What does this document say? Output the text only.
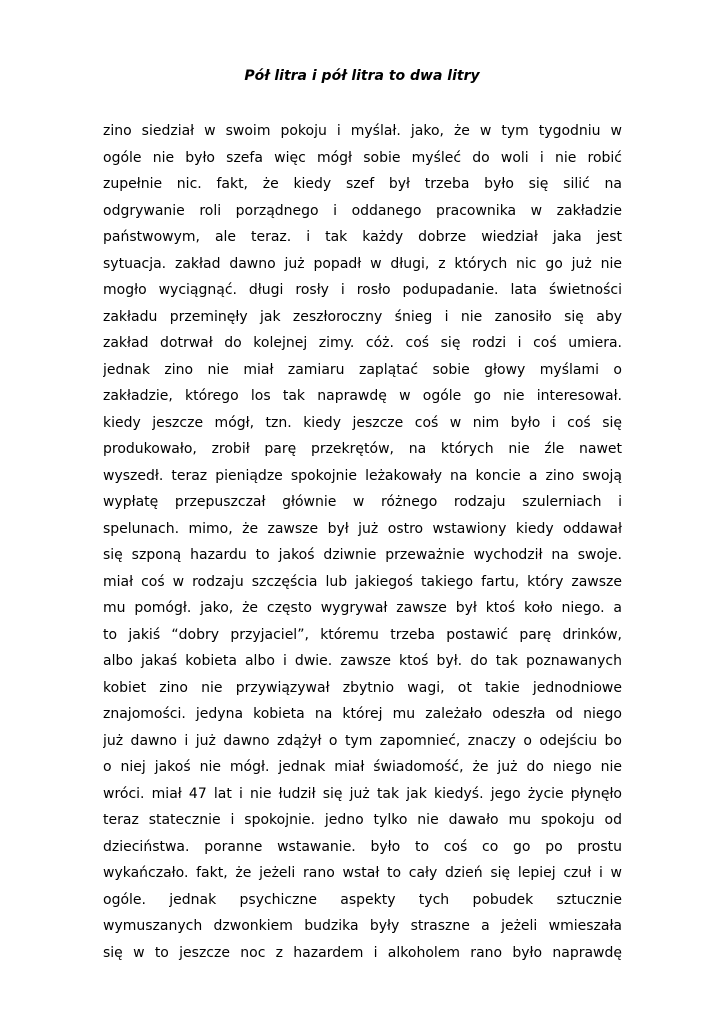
Pół litra i pół litra to dwa litry
zino siedział w swoim pokoju i myślał. jako, że w tym tygodniu w
ogóle nie było szefa więc mógł sobie myśleć do woli i nie robić
zupełnie nic. fakt, że kiedy szef był trzeba było się silić na
odgrywanie roli porządnego i oddanego pracownika w zakładzie
państwowym, ale teraz. i tak każdy dobrze wiedział jaka jest
sytuacja. zakład dawno już popadł w długi, z których nic go już nie
mogło wyciągnąć. długi rosły i rosło podupadanie. lata świetności
zakładu przeminęły jak zeszłoroczny śnieg i nie zanosiło się aby
zakład dotrwał do kolejnej zimy. cóż. coś się rodzi i coś umiera.
jednak zino nie miał zamiaru zaplątać sobie głowy myślami o
zakładzie, którego los tak naprawdę w ogóle go nie interesował.
kiedy jeszcze mógł, tzn. kiedy jeszcze coś w nim było i coś się
produkowało, zrobił parę przekrętów, na których nie źle nawet
wyszedł. teraz pieniądze spokojnie leżakowały na koncie a zino swoją
wypłatę przepuszczał głównie w różnego rodzaju szulerniach i
spelunach. mimo, że zawsze był już ostro wstawiony kiedy oddawał
się szponą hazardu to jakoś dziwnie przeważnie wychodził na swoje.
miał coś w rodzaju szczęścia lub jakiegoś takiego fartu, który zawsze
mu pomógł. jako, że często wygrywał zawsze był ktoś koło niego. a
to jakiś “dobry przyjaciel”, któremu trzeba postawić parę drinków,
albo jakaś kobieta albo i dwie. zawsze ktoś był. do tak poznawanych
kobiet zino nie przywiązywał zbytnio wagi, ot takie jednodniowe
znajomości. jedyna kobieta na której mu zależało odeszła od niego
już dawno i już dawno zdążył o tym zapomnieć, znaczy o odejściu bo
o niej jakoś nie mógł. jednak miał świadomość, że już do niego nie
wróci. miał 47 lat i nie łudził się już tak jak kiedyś. jego życie płynęło
teraz statecznie i spokojnie. jedno tylko nie dawało mu spokoju od
dzieciństwa. poranne wstawanie. było to coś co go po prostu
wykańczało. fakt, że jeżeli rano wstał to cały dzień się lepiej czuł i w
ogóle. jednak psychiczne aspekty tych pobudek sztucznie
wymuszanych dzwonkiem budzika były straszne a jeżeli wmieszała
się w to jeszcze noc z hazardem i alkoholem rano było naprawdę
